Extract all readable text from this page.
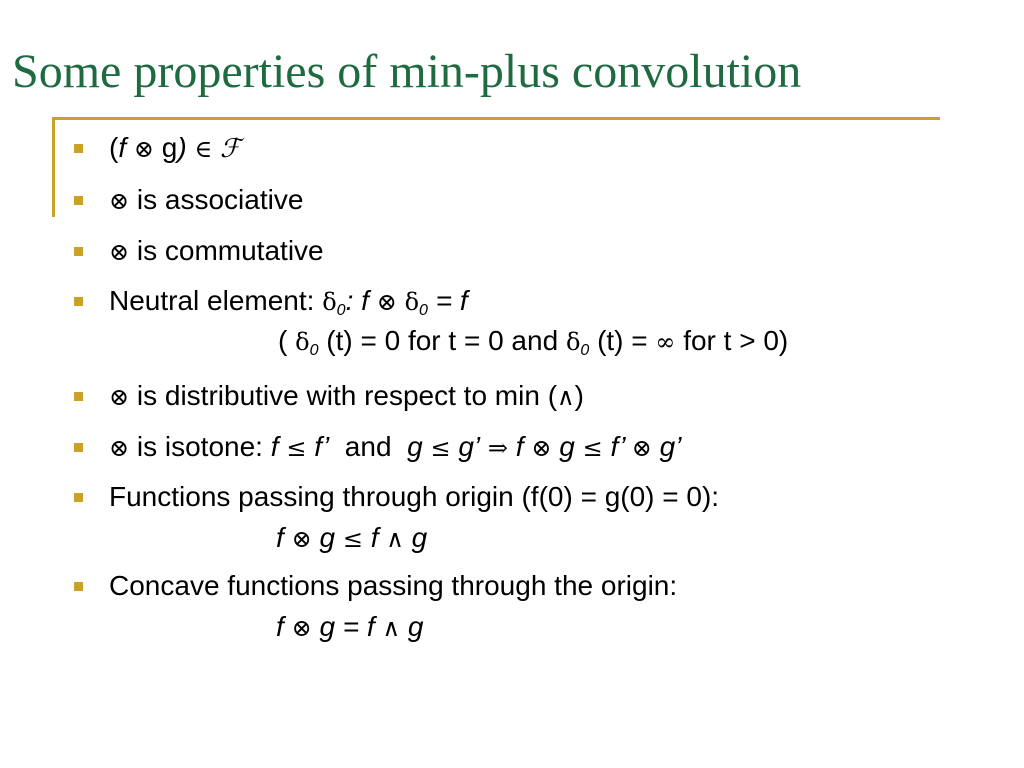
Some properties of min-plus convolution
(f ⊗ g) ∈ ℱ
⊗ is associative
⊗ is commutative
Neutral element: $\delta_0$: f ⊗ $\delta_0 = f$
( $\delta_0$ (t) = 0 for t = 0 and $\delta_0$ (t) = ∞ for t > 0)
⊗ is distributive with respect to min (∧)
⊗ is isotone: f ≤ f’  and  g ≤ g’ ⇒ f ⊗ g ≤ f’ ⊗ g’
Functions passing through origin (f(0) = g(0) = 0):
f ⊗ g ≤ f ∧ g
Concave functions passing through the origin:
f ⊗ g = f ∧ g
